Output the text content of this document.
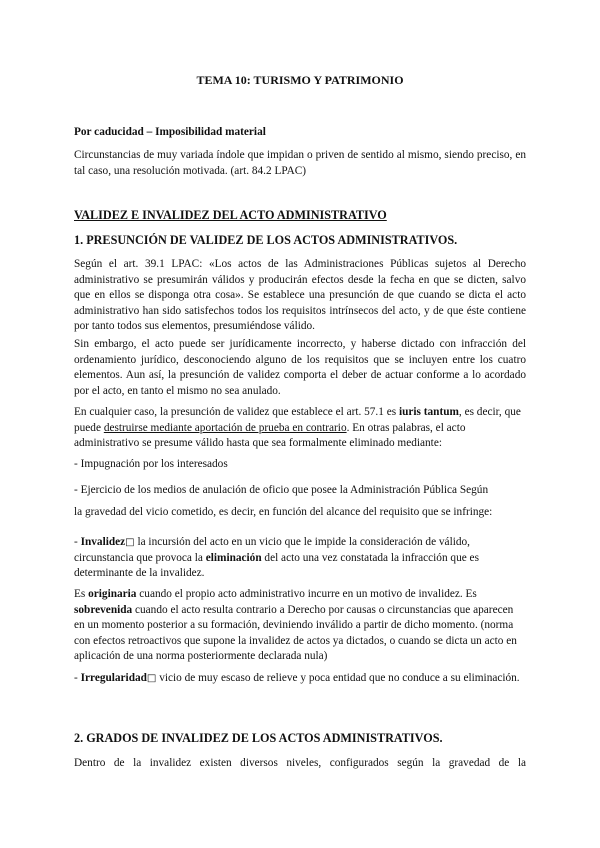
TEMA 10: TURISMO Y PATRIMONIO
Por caducidad – Imposibilidad material
Circunstancias de muy variada índole que impidan o priven de sentido al mismo, siendo preciso, en tal caso, una resolución motivada. (art. 84.2 LPAC)
VALIDEZ E INVALIDEZ DEL ACTO ADMINISTRATIVO
1. PRESUNCIÓN DE VALIDEZ DE LOS ACTOS ADMINISTRATIVOS.
Según el art. 39.1 LPAC: «Los actos de las Administraciones Públicas sujetos al Derecho administrativo se presumirán válidos y producirán efectos desde la fecha en que se dicten, salvo que en ellos se disponga otra cosa». Se establece una presunción de que cuando se dicta el acto administrativo han sido satisfechos todos los requisitos intrínsecos del acto, y de que éste contiene por tanto todos sus elementos, presumiéndose válido.
Sin embargo, el acto puede ser jurídicamente incorrecto, y haberse dictado con infracción del ordenamiento jurídico, desconociendo alguno de los requisitos que se incluyen entre los cuatro elementos. Aun así, la presunción de validez comporta el deber de actuar conforme a lo acordado por el acto, en tanto el mismo no sea anulado.
En cualquier caso, la presunción de validez que establece el art. 57.1 es iuris tantum, es decir, que puede destruirse mediante aportación de prueba en contrario. En otras palabras, el acto administrativo se presume válido hasta que sea formalmente eliminado mediante:
- Impugnación por los interesados
- Ejercicio de los medios de anulación de oficio que posee la Administración Pública Según
la gravedad del vicio cometido, es decir, en función del alcance del requisito que se infringe:
- Invalidez□ la incursión del acto en un vicio que le impide la consideración de válido, circunstancia que provoca la eliminación del acto una vez constatada la infracción que es determinante de la invalidez.
Es originaria cuando el propio acto administrativo incurre en un motivo de invalidez. Es sobrevenida cuando el acto resulta contrario a Derecho por causas o circunstancias que aparecen en un momento posterior a su formación, deviniendo inválido a partir de dicho momento. (norma con efectos retroactivos que supone la invalidez de actos ya dictados, o cuando se dicta un acto en aplicación de una norma posteriormente declarada nula)
- Irregularidad□ vicio de muy escaso de relieve y poca entidad que no conduce a su eliminación.
2. GRADOS DE INVALIDEZ DE LOS ACTOS ADMINISTRATIVOS.
Dentro de la invalidez existen diversos niveles, configurados según la gravedad de la
